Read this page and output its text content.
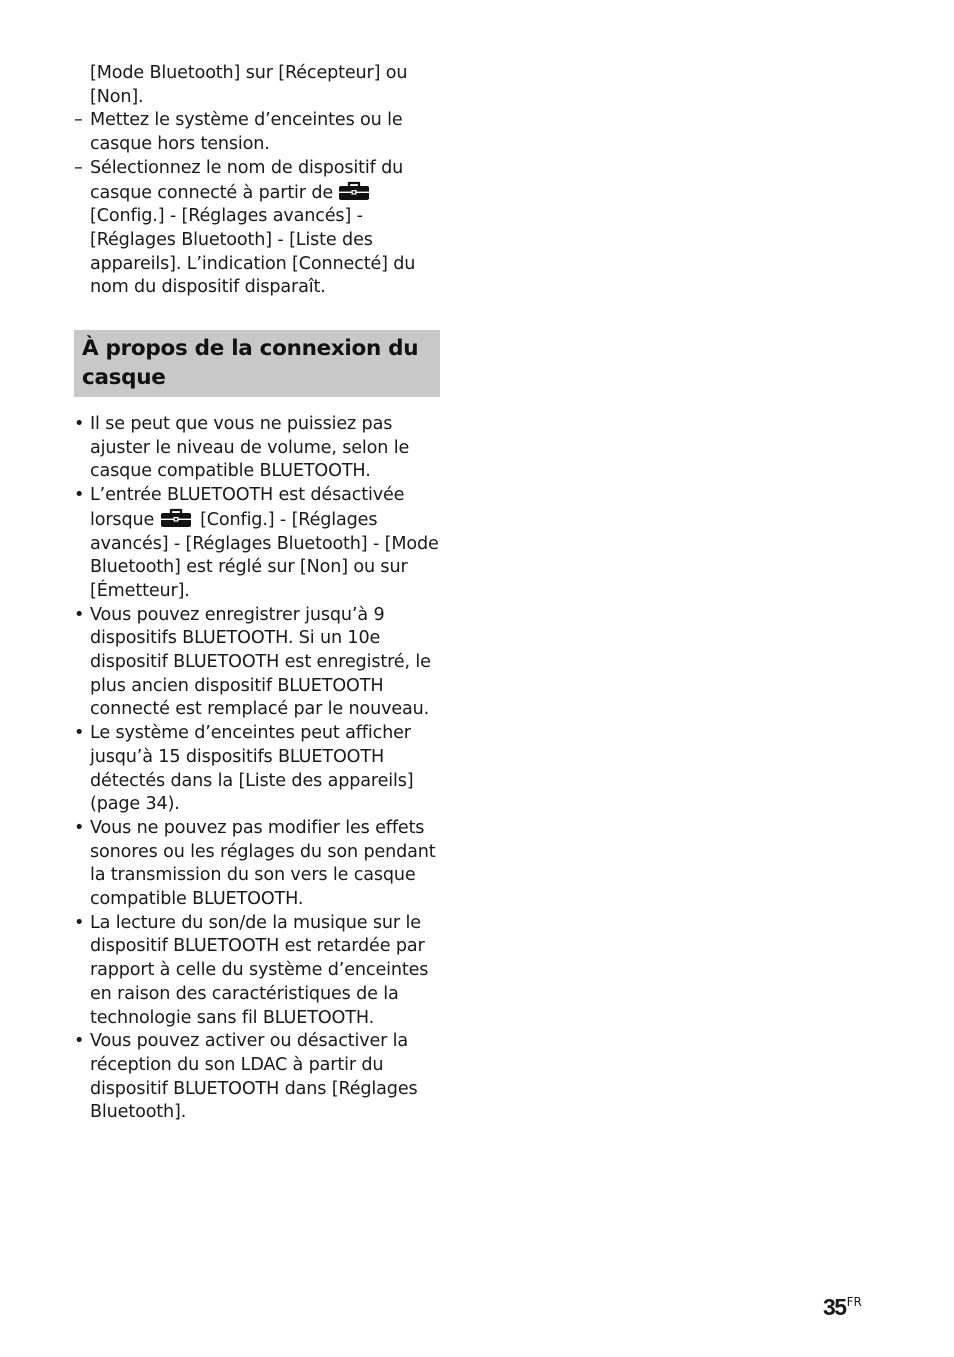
[Mode Bluetooth] sur [Récepteur] ou [Non].
– Mettez le système d’enceintes ou le casque hors tension.
– Sélectionnez le nom de dispositif du casque connecté à partir de  [Config.] - [Réglages avancés] - [Réglages Bluetooth] - [Liste des appareils]. L’indication [Connecté] du nom du dispositif disparaît.
À propos de la connexion du casque
• Il se peut que vous ne puissiez pas ajuster le niveau de volume, selon le casque compatible BLUETOOTH.
• L’entrée BLUETOOTH est désactivée lorsque	[Config.] - [Réglages avancés] - [Réglages Bluetooth] - [Mode Bluetooth] est réglé sur [Non] ou sur [Émetteur].
• Vous pouvez enregistrer jusqu’à 9 dispositifs BLUETOOTH. Si un 10e dispositif BLUETOOTH est enregistré, le plus ancien dispositif BLUETOOTH connecté est remplacé par le nouveau.
• Le système d’enceintes peut afficher jusqu’à 15 dispositifs BLUETOOTH détectés dans la [Liste des appareils] (page 34).
• Vous ne pouvez pas modifier les effets sonores ou les réglages du son pendant la transmission du son vers le casque compatible BLUETOOTH.
• La lecture du son/de la musique sur le dispositif BLUETOOTH est retardée par rapport à celle du système d’enceintes en raison des caractéristiques de la technologie sans fil BLUETOOTH.
• Vous pouvez activer ou désactiver la réception du son LDAC à partir du dispositif BLUETOOTH dans [Réglages Bluetooth].
$35^{FR}$
